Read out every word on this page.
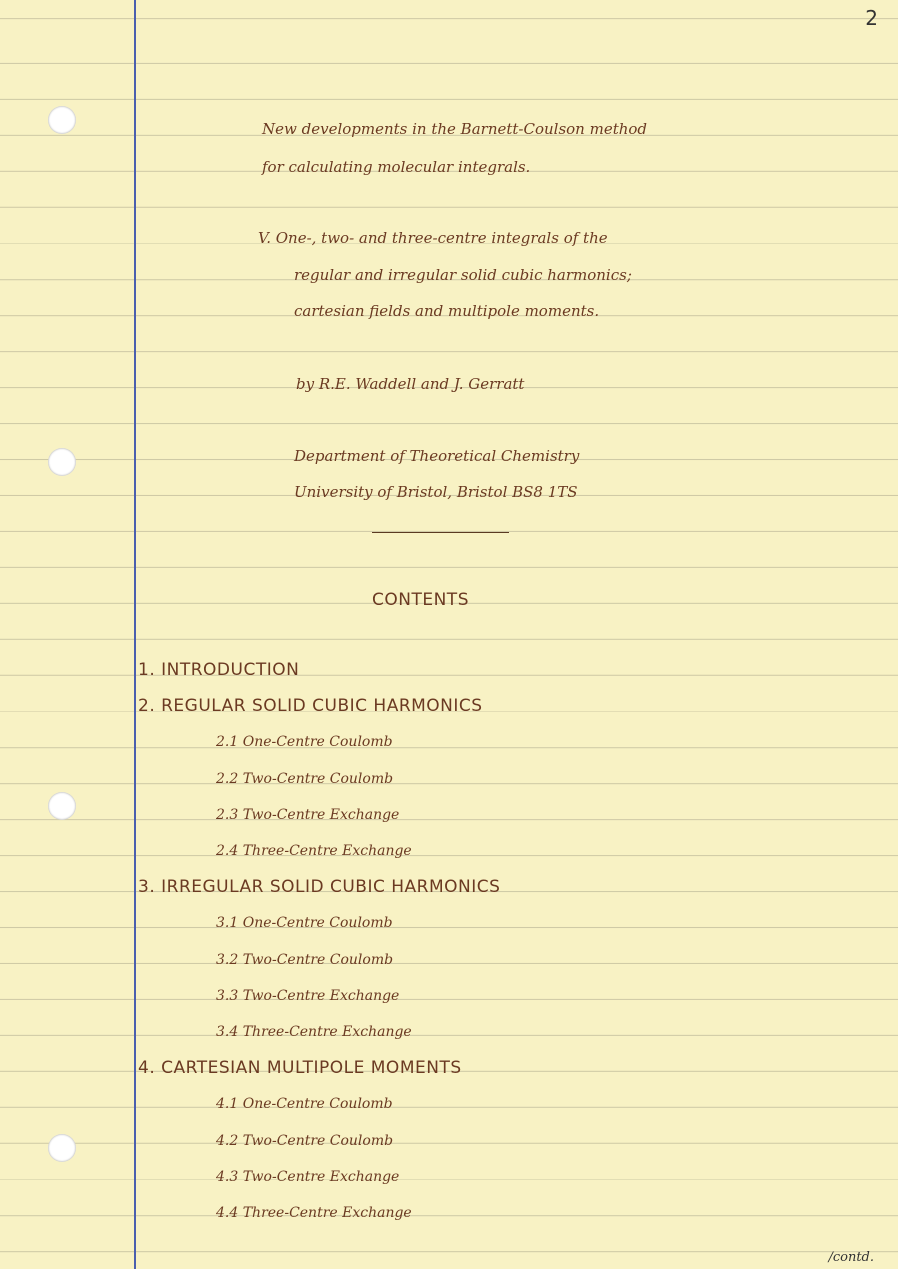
2
New developments in the Barnett-Coulson method
for calculating molecular integrals.
V. One-, two- and three-centre integrals of the
regular and irregular solid cubic harmonics;
cartesian fields and multipole moments.
by R.E. Waddell and J. Gerratt
Department of Theoretical Chemistry
University of Bristol, Bristol BS8 1TS
CONTENTS
1. INTRODUCTION
2. REGULAR SOLID CUBIC HARMONICS
2.1 One-Centre Coulomb
2.2 Two-Centre Coulomb
2.3 Two-Centre Exchange
2.4 Three-Centre Exchange
3. IRREGULAR SOLID CUBIC HARMONICS
3.1 One-Centre Coulomb
3.2 Two-Centre Coulomb
3.3 Two-Centre Exchange
3.4 Three-Centre Exchange
4. CARTESIAN MULTIPOLE MOMENTS
4.1 One-Centre Coulomb
4.2 Two-Centre Coulomb
4.3 Two-Centre Exchange
4.4 Three-Centre Exchange
/contd.
